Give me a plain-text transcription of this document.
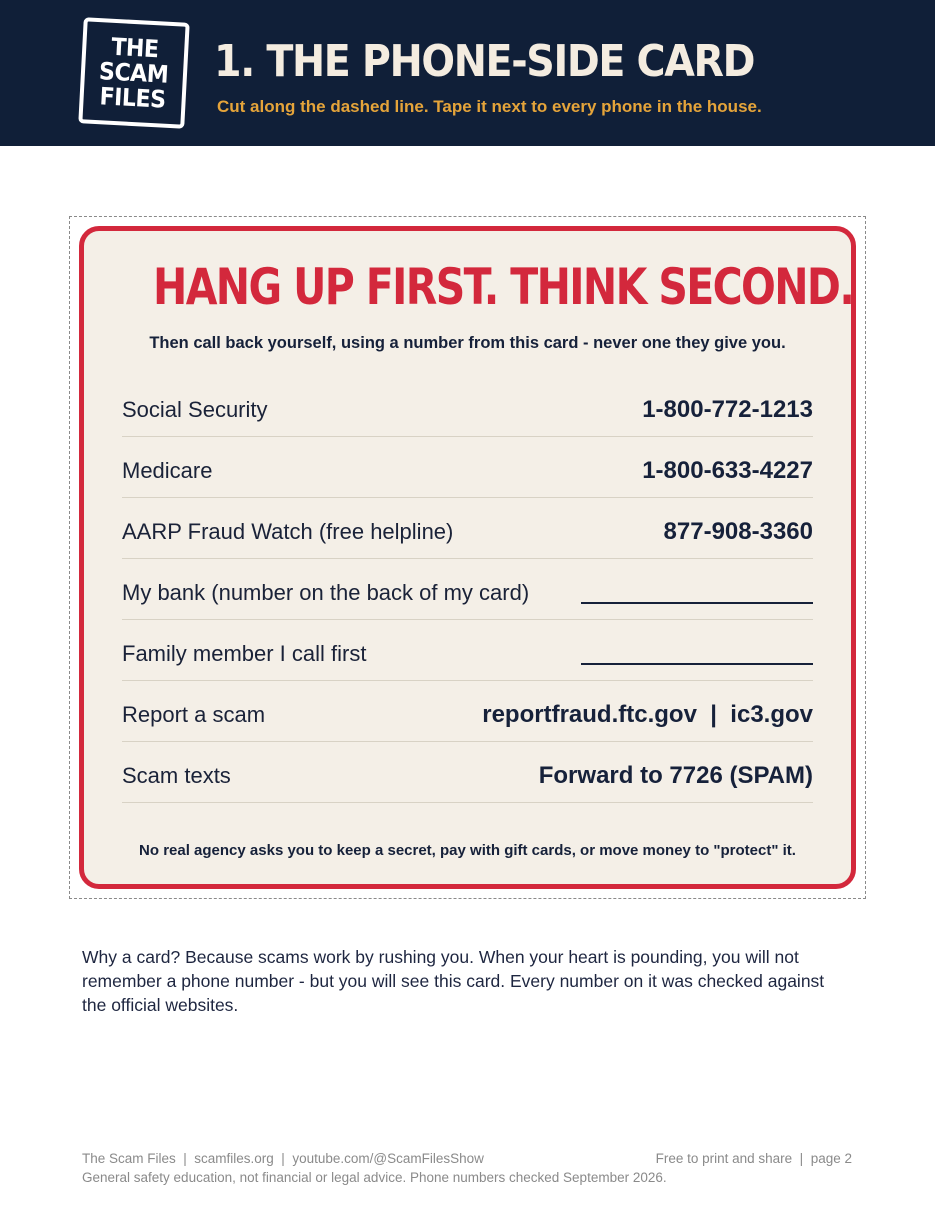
THE
SCAM
FILES
1. THE PHONE-SIDE CARD
Cut along the dashed line. Tape it next to every phone in the house.
HANG UP FIRST. THINK SECOND.
Then call back yourself, using a number from this card - never one they give you.
Social Security	1-800-772-1213
Medicare	1-800-633-4227
AARP Fraud Watch (free helpline)	877-908-3360
My bank (number on the back of my card)
Family member I call first
Report a scam	reportfraud.ftc.gov  |  ic3.gov
Scam texts	Forward to 7726 (SPAM)
No real agency asks you to keep a secret, pay with gift cards, or move money to "protect" it.

Why a card? Because scams work by rushing you. When your heart is pounding, you will not remember a phone number - but you will see this card. Every number on it was checked against the official websites.

The Scam Files  |  scamfiles.org  |  youtube.com/@ScamFilesShow	Free to print and share  |  page 2
General safety education, not financial or legal advice. Phone numbers checked September 2026.
